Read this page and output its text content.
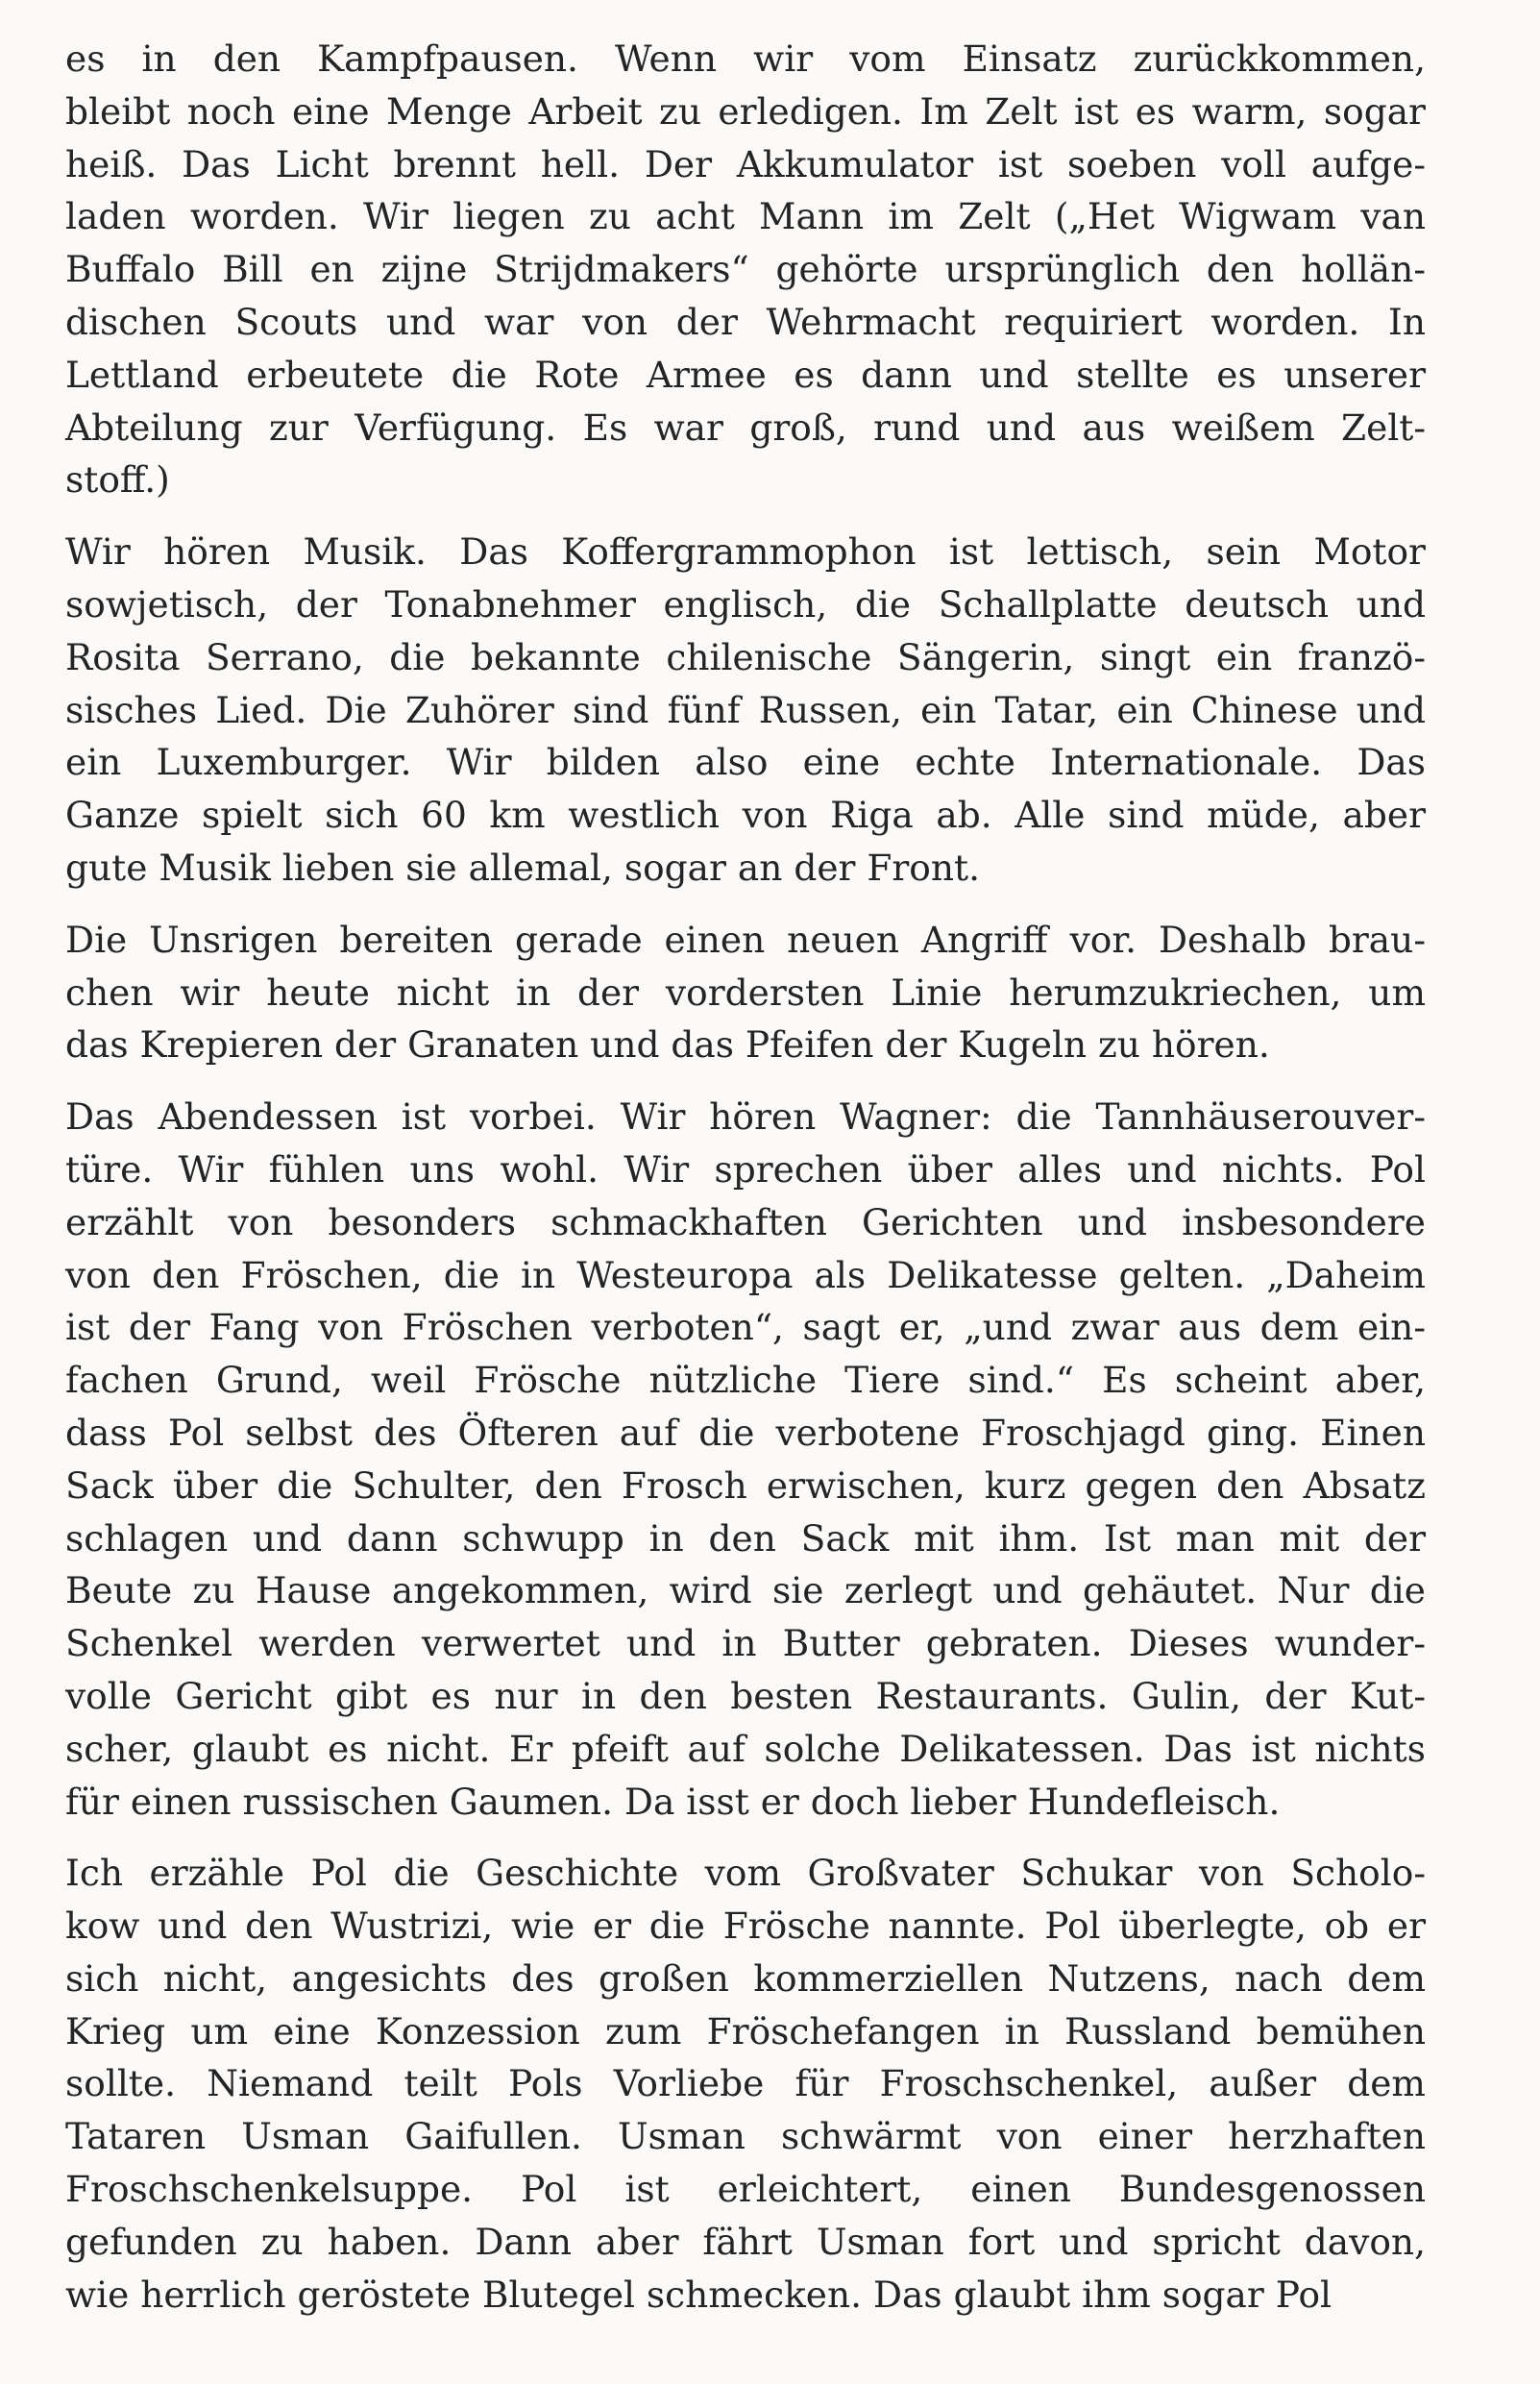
es in den Kampfpausen. Wenn wir vom Einsatz zurückkommen,
bleibt noch eine Menge Arbeit zu erledigen. Im Zelt ist es warm, sogar
heiß. Das Licht brennt hell. Der Akkumulator ist soeben voll aufge-
laden worden. Wir liegen zu acht Mann im Zelt („Het Wigwam van
Buffalo Bill en zijne Strijdmakers“ gehörte ursprünglich den hollän-
dischen Scouts und war von der Wehrmacht requiriert worden. In
Lettland erbeutete die Rote Armee es dann und stellte es unserer
Abteilung zur Verfügung. Es war groß, rund und aus weißem Zelt-
stoff.)

Wir hören Musik. Das Koffergrammophon ist lettisch, sein Motor
sowjetisch, der Tonabnehmer englisch, die Schallplatte deutsch und
Rosita Serrano, die bekannte chilenische Sängerin, singt ein franzö-
sisches Lied. Die Zuhörer sind fünf Russen, ein Tatar, ein Chinese und
ein Luxemburger. Wir bilden also eine echte Internationale. Das
Ganze spielt sich 60 km westlich von Riga ab. Alle sind müde, aber
gute Musik lieben sie allemal, sogar an der Front.

Die Unsrigen bereiten gerade einen neuen Angriff vor. Deshalb brau-
chen wir heute nicht in der vordersten Linie herumzukriechen, um
das Krepieren der Granaten und das Pfeifen der Kugeln zu hören.

Das Abendessen ist vorbei. Wir hören Wagner: die Tannhäuserouver-
türe. Wir fühlen uns wohl. Wir sprechen über alles und nichts. Pol
erzählt von besonders schmackhaften Gerichten und insbesondere
von den Fröschen, die in Westeuropa als Delikatesse gelten. „Daheim
ist der Fang von Fröschen verboten“, sagt er, „und zwar aus dem ein-
fachen Grund, weil Frösche nützliche Tiere sind.“ Es scheint aber,
dass Pol selbst des Öfteren auf die verbotene Froschjagd ging. Einen
Sack über die Schulter, den Frosch erwischen, kurz gegen den Absatz
schlagen und dann schwupp in den Sack mit ihm. Ist man mit der
Beute zu Hause angekommen, wird sie zerlegt und gehäutet. Nur die
Schenkel werden verwertet und in Butter gebraten. Dieses wunder-
volle Gericht gibt es nur in den besten Restaurants. Gulin, der Kut-
scher, glaubt es nicht. Er pfeift auf solche Delikatessen. Das ist nichts
für einen russischen Gaumen. Da isst er doch lieber Hundefleisch.

Ich erzähle Pol die Geschichte vom Großvater Schukar von Scholo-
kow und den Wustrizi, wie er die Frösche nannte. Pol überlegte, ob er
sich nicht, angesichts des großen kommerziellen Nutzens, nach dem
Krieg um eine Konzession zum Fröschefangen in Russland bemühen
sollte. Niemand teilt Pols Vorliebe für Froschschenkel, außer dem
Tataren Usman Gaifullen. Usman schwärmt von einer herzhaften
Froschschenkelsuppe. Pol ist erleichtert, einen Bundesgenossen
gefunden zu haben. Dann aber fährt Usman fort und spricht davon,
wie herrlich geröstete Blutegel schmecken. Das glaubt ihm sogar Pol
